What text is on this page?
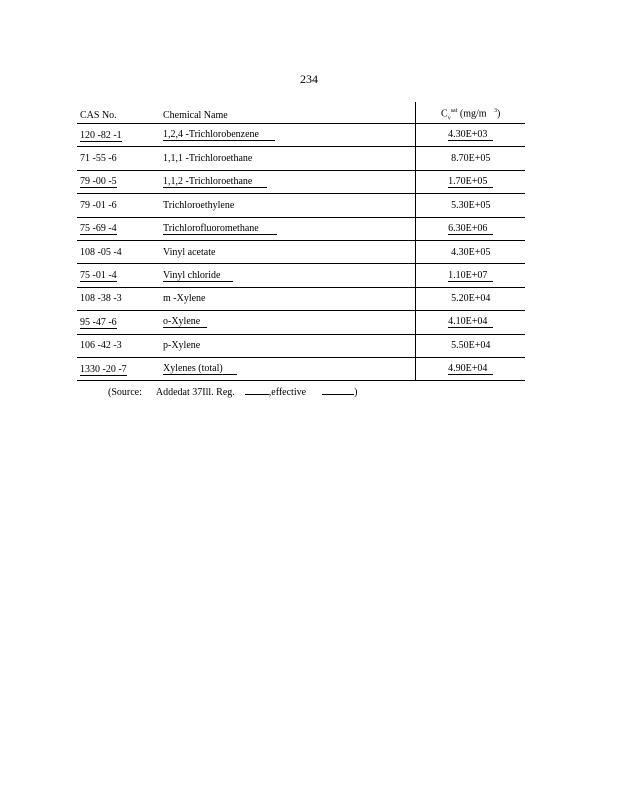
234
CAS No.	Chemical Name	$C_v^{sat}$ (mg/m $^3$)
120 -82 -1	1,2,4 -Trichlorobenzene	4.30E+03
71 -55 -6	1,1,1 -Trichloroethane	8.70E+05
79 -00 -5	1,1,2 -Trichloroethane	1.70E+05
79 -01 -6	Trichloroethylene	5.30E+05
75 -69 -4	Trichlorofluoromethane	6.30E+06
108 -05 -4	Vinyl acetate	4.30E+05
75 -01 -4	Vinyl chloride	1.10E+07
108 -38 -3	m -Xylene	5.20E+04
95 -47 -6	o-Xylene	4.10E+04
106 -42 -3	p-Xylene	5.50E+04
1330 -20 -7	Xylenes (total)	4.90E+04
(Source: Addedat 37Ill. Reg.	,effective	)
